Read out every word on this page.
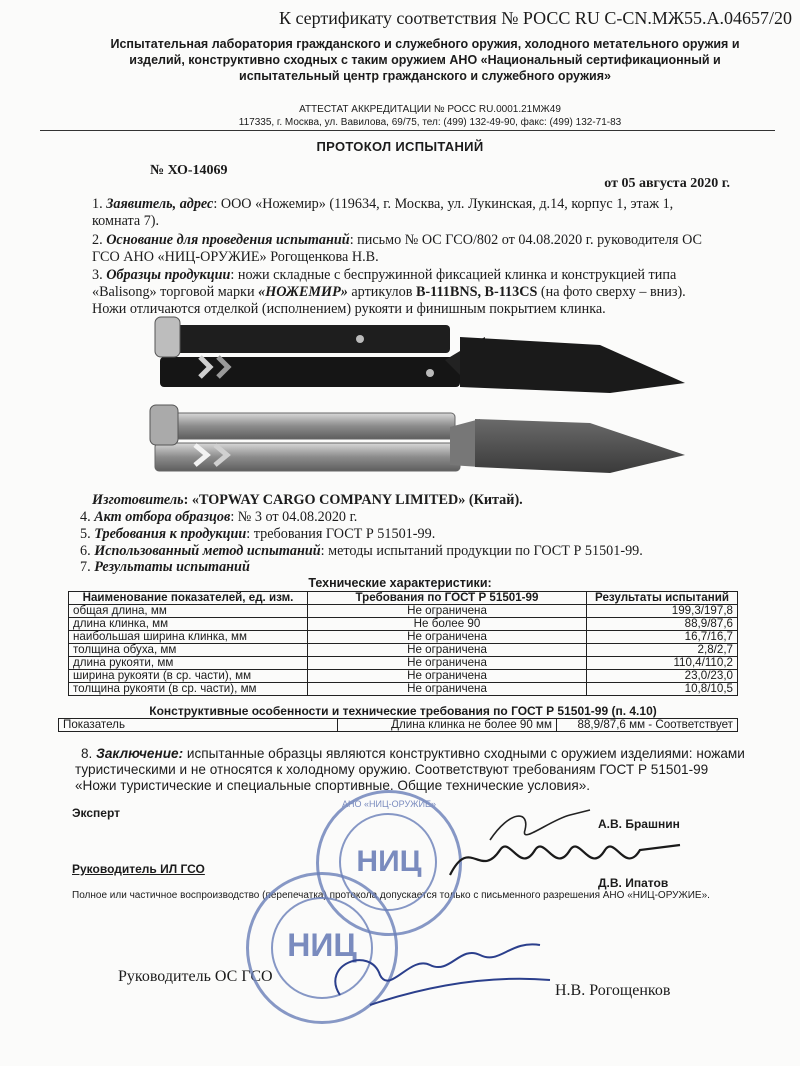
К сертификату соответствия № РОСС RU С-CN.МЖ55.А.04657/20
Испытательная лаборатория гражданского и служебного оружия, холодного метательного оружия и
изделий, конструктивно сходных с таким оружием АНО «Национальный сертификационный и
испытательный центр гражданского и служебного оружия»
АТТЕСТАТ АККРЕДИТАЦИИ № РОСС RU.0001.21МЖ49
117335, г. Москва, ул. Вавилова, 69/75, тел: (499) 132-49-90, факс: (499) 132-71-83
ПРОТОКОЛ ИСПЫТАНИЙ
№ ХО-14069
от 05 августа 2020 г.
1. Заявитель, адрес: ООО «Ножемир» (119634, г. Москва, ул. Лукинская, д.14, корпус 1, этаж 1,
комната 7).
2. Основание для проведения испытаний: письмо № ОС ГСО/802 от 04.08.2020 г. руководителя ОС
ГСО АНО «НИЦ-ОРУЖИЕ» Рогощенкова Н.В.
3. Образцы продукции: ножи складные с беспружинной фиксацией клинка и конструкцией типа
«Balisong» торговой марки «НОЖЕМИР» артикулов B-111BNS, B-113CS (на фото сверху – вниз).
Ножи отличаются отделкой (исполнением) рукояти и финишным покрытием клинка.
Изготовитель: «TOPWAY CARGO COMPANY LIMITED» (Китай).
4. Акт отбора образцов: № 3 от 04.08.2020 г.
5. Требования к продукции: требования ГОСТ Р 51501-99.
6. Использованный метод испытаний: методы испытаний продукции по ГОСТ Р 51501-99.
7. Результаты испытаний
Технические характеристики:
Наименование показателей, ед. изм.	Требования по ГОСТ Р 51501-99	Результаты испытаний
общая длина, мм	Не ограничена	199,3/197,8
длина клинка, мм	Не более 90	88,9/87,6
наибольшая ширина клинка, мм	Не ограничена	16,7/16,7
толщина обуха, мм	Не ограничена	2,8/2,7
длина рукояти, мм	Не ограничена	110,4/110,2
ширина рукояти (в ср. части), мм	Не ограничена	23,0/23,0
толщина рукояти (в ср. части), мм	Не ограничена	10,8/10,5
Конструктивные особенности и технические требования по ГОСТ Р 51501-99 (п. 4.10)
Показатель	Длина клинка не более 90 мм	88,9/87,6 мм - Соответствует
8. Заключение: испытанные образцы являются конструктивно сходными с оружием изделиями: ножами
туристическими и не относятся к холодному оружию. Соответствуют требованиям ГОСТ Р 51501-99
«Ножи туристические и специальные спортивные. Общие технические условия».
Эксперт
А.В. Брашнин
Руководитель ИЛ ГСО
Д.В. Ипатов
Полное или частичное воспроизводство (перепечатка) протокола допускается только с письменного разрешения АНО «НИЦ-ОРУЖИЕ».
Руководитель ОС ГСО
Н.В. Рогощенков
НИЦ
АНО «НИЦ-ОРУЖИЕ»
НИЦ
